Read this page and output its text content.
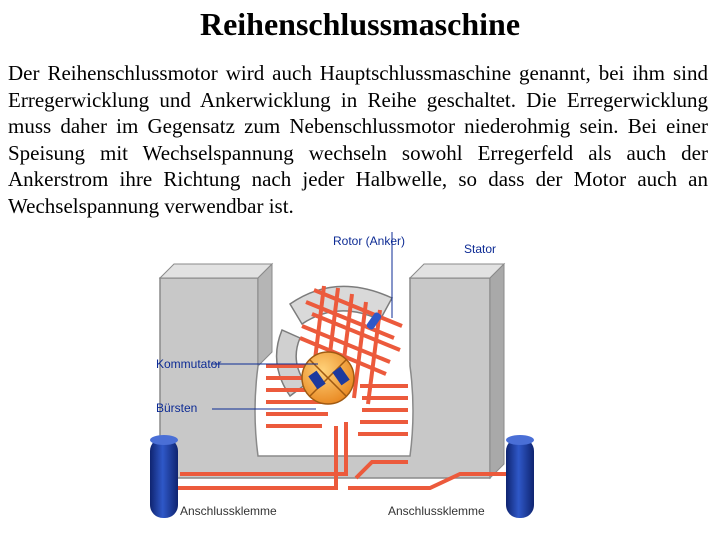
Reihenschlussmaschine

Der Reihenschlussmotor wird auch Hauptschlussmaschine genannt, bei ihm sind Erregerwicklung und Ankerwicklung in Reihe geschaltet. Die Erregerwicklung muss daher im Gegensatz zum Nebenschlussmotor niederohmig sein. Bei einer Speisung mit Wechselspannung wechseln sowohl Erregerfeld als auch der Ankerstrom ihre Richtung nach jeder Halbwelle, so dass der Motor auch an Wechselspannung verwendbar ist.

Rotor (Anker)
Stator
Kommutator
Bürsten
Anschlussklemme	Anschlussklemme
